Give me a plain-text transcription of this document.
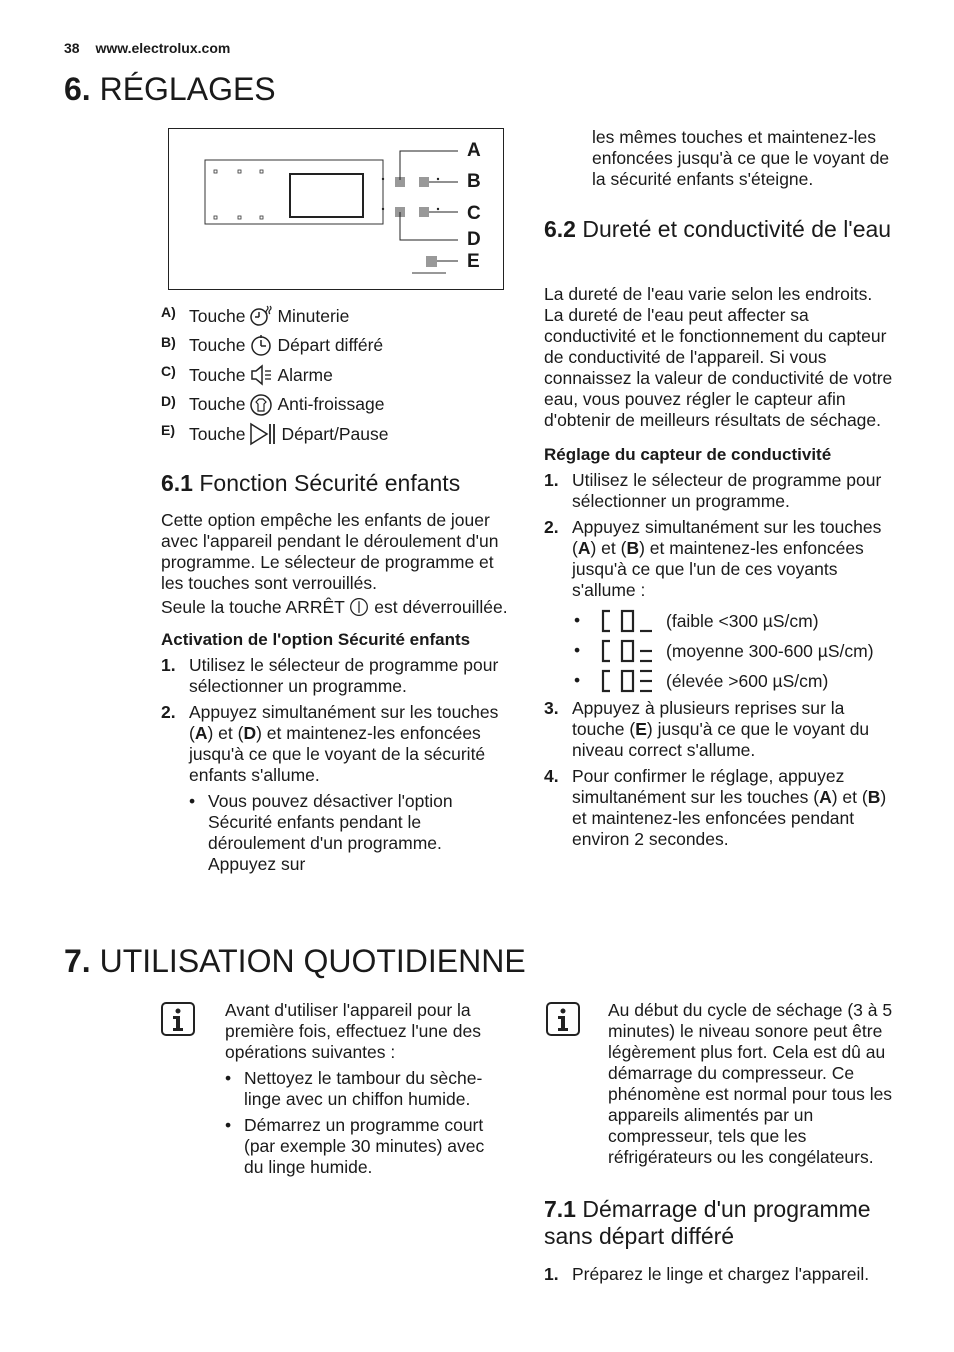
38 www.electrolux.com
6. RÉGLAGES
A
B
C
D
E
A) Touche Minuterie
B) Touche Départ différé
C) Touche Alarme
D) Touche Anti-froissage
E) Touche Départ/Pause
6.1 Fonction Sécurité enfants

Cette option empêche les enfants de jouer avec l'appareil pendant le déroulement d'un programme. Le sélecteur de programme et les touches sont verrouillés.

Seule la touche ARRÊT est déverrouillée.

Activation de l'option Sécurité enfants

1. Utilisez le sélecteur de programme pour sélectionner un programme.
2. Appuyez simultanément sur les touches (A) et (D) et maintenez-les enfoncées jusqu'à ce que le voyant de la sécurité enfants s'allume.
• Vous pouvez désactiver l'option Sécurité enfants pendant le déroulement d'un programme. Appuyez sur

les mêmes touches et maintenez-les enfoncées jusqu'à ce que le voyant de la sécurité enfants s'éteigne.

6.2 Dureté et conductivité de l'eau

La dureté de l'eau varie selon les endroits. La dureté de l'eau peut affecter sa conductivité et le fonctionnement du capteur de conductivité de l'appareil. Si vous connaissez la valeur de conductivité de votre eau, vous pouvez régler le capteur afin d'obtenir de meilleurs résultats de séchage.

Réglage du capteur de conductivité

1. Utilisez le sélecteur de programme pour sélectionner un programme.
2. Appuyez simultanément sur les touches (A) et (B) et maintenez-les enfoncées jusqu'à ce que l'un de ces voyants s'allume :
• (faible <300 µS/cm)
• (moyenne 300-600 µS/cm)
• (élevée >600 µS/cm)
3. Appuyez à plusieurs reprises sur la touche (E) jusqu'à ce que le voyant du niveau correct s'allume.
4. Pour confirmer le réglage, appuyez simultanément sur les touches (A) et (B) et maintenez-les enfoncées pendant environ 2 secondes.
7. UTILISATION QUOTIDIENNE

Avant d'utiliser l'appareil pour la première fois, effectuez l'une des opérations suivantes :

• Nettoyez le tambour du sèche-linge avec un chiffon humide.
• Démarrez un programme court (par exemple 30 minutes) avec du linge humide.

Au début du cycle de séchage (3 à 5 minutes) le niveau sonore peut être légèrement plus fort. Cela est dû au démarrage du compresseur. Ce phénomène est normal pour tous les appareils alimentés par un compresseur, tels que les réfrigérateurs ou les congélateurs.

7.1 Démarrage d'un programme sans départ différé
1. Préparez le linge et chargez l'appareil.
